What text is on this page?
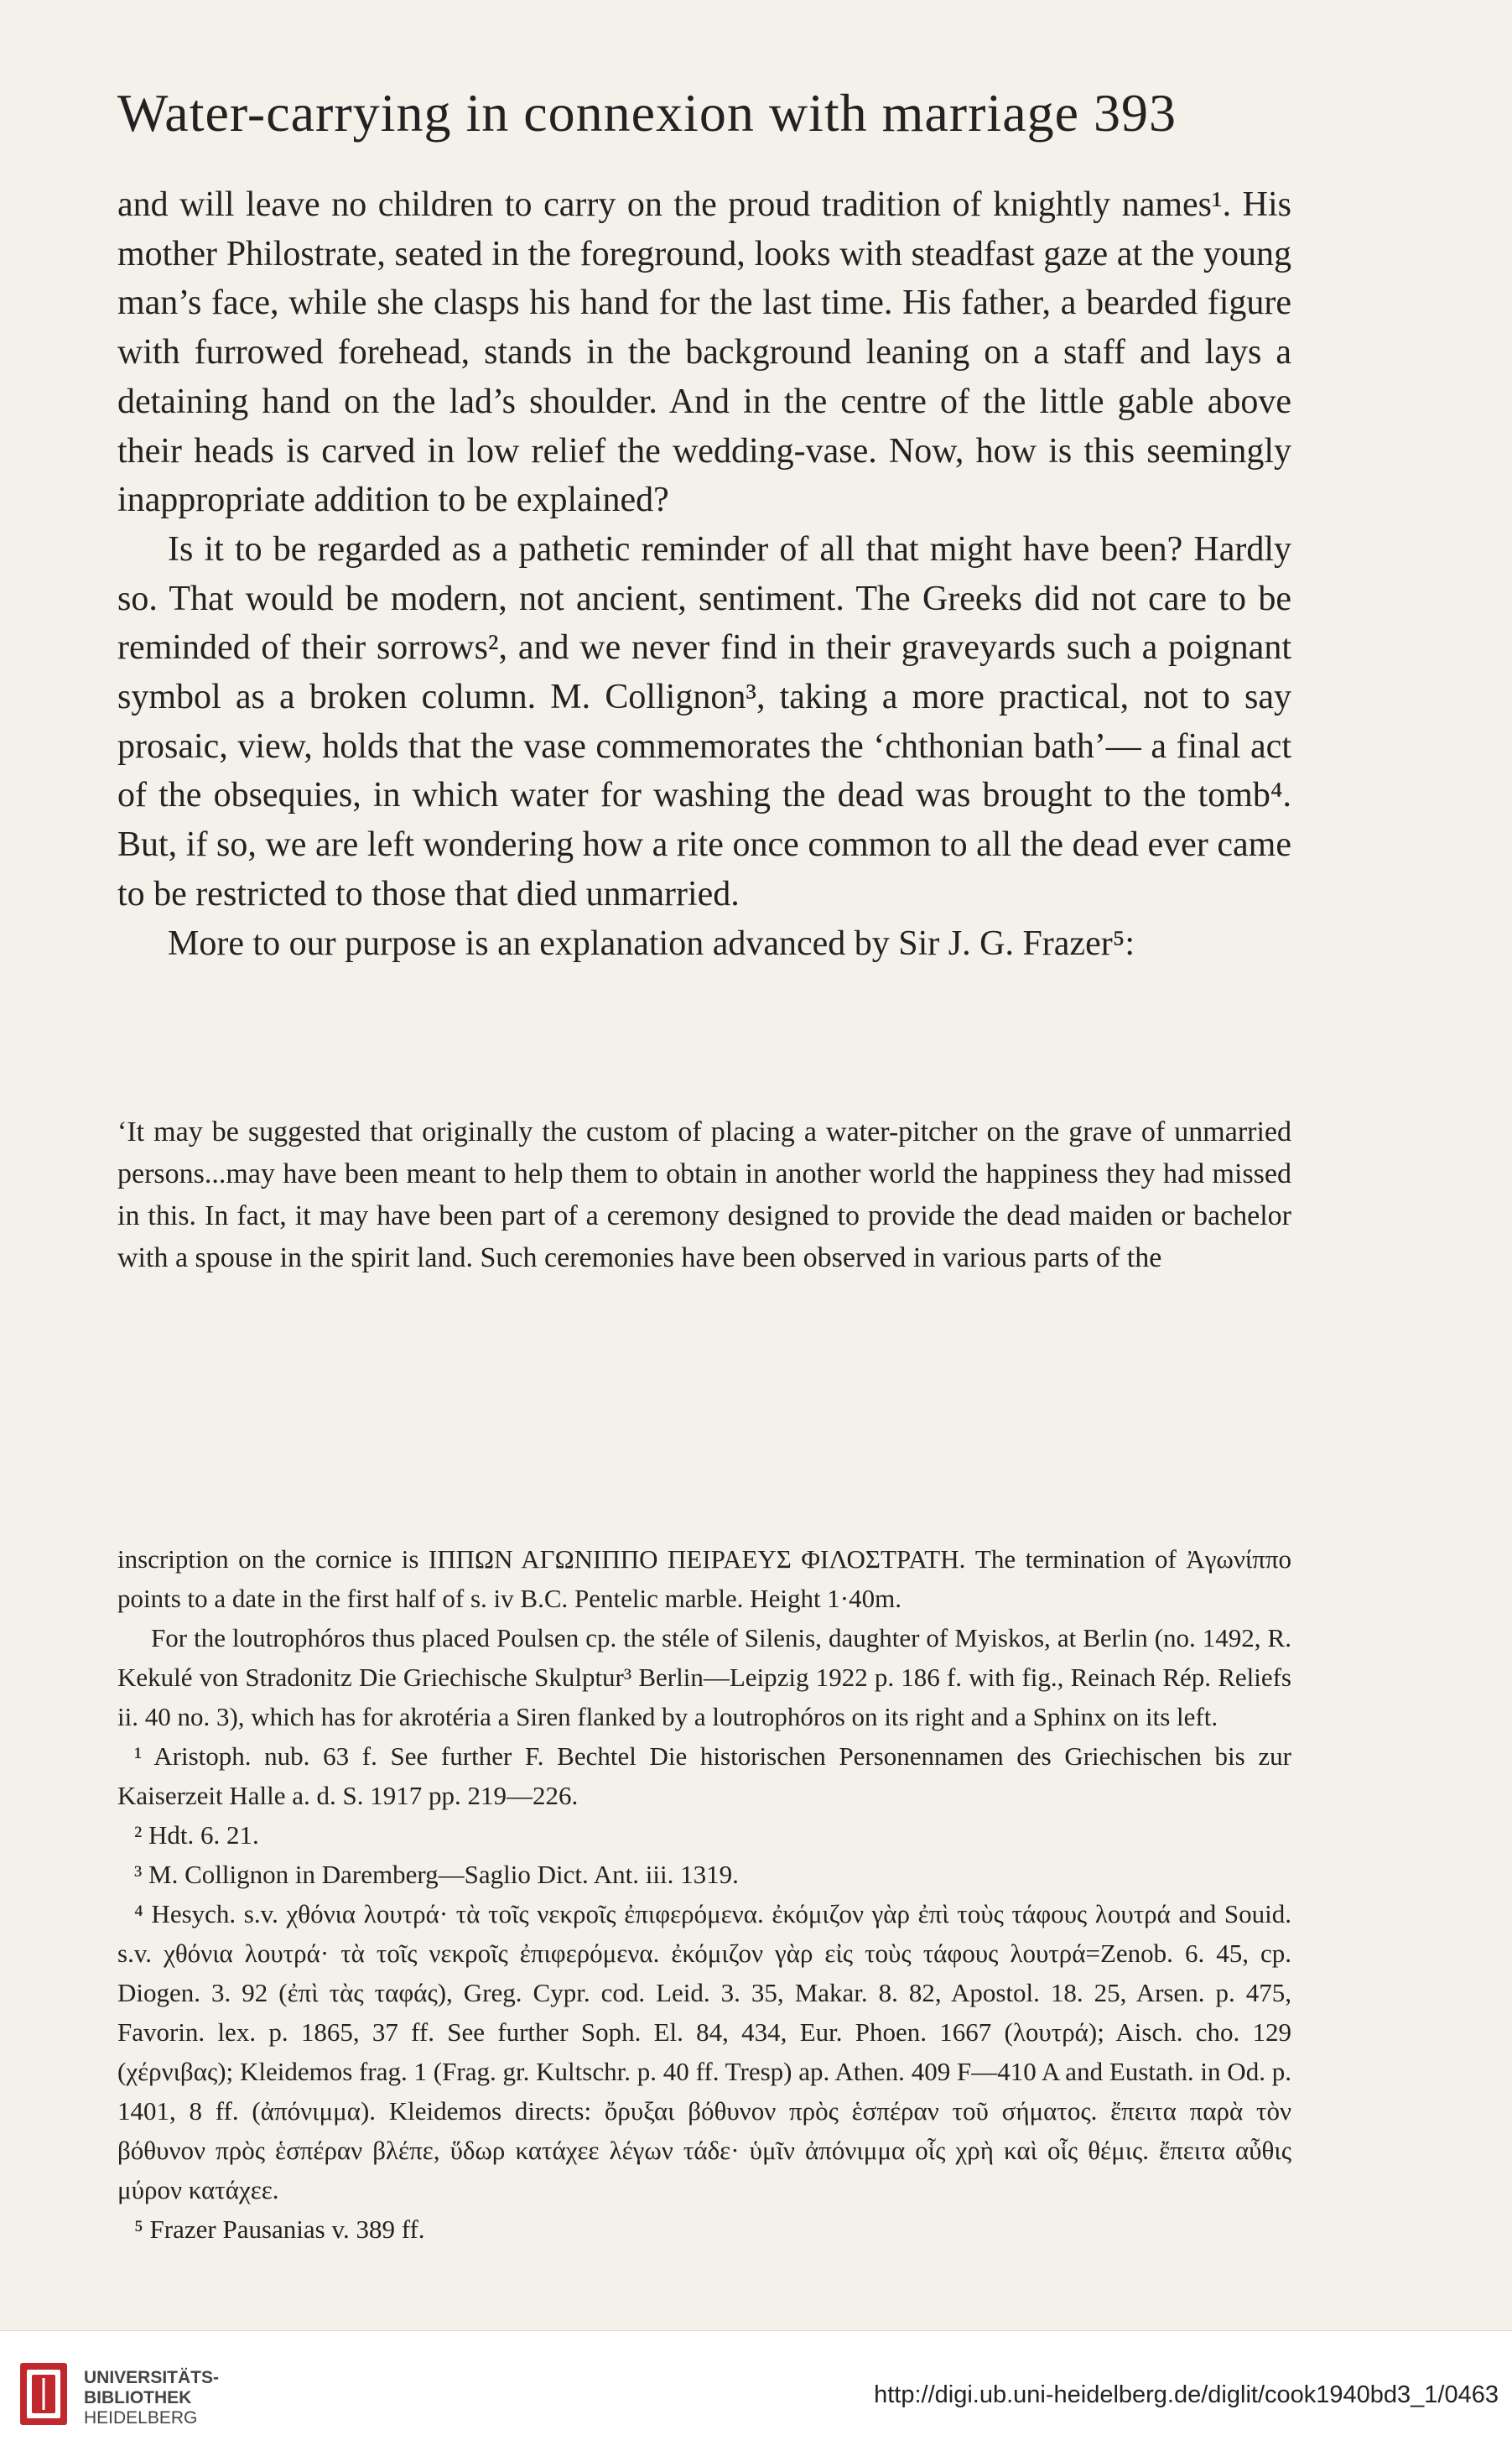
Water-carrying in connexion with marriage 393

and will leave no children to carry on the proud tradition of knightly names¹. His mother Philostrate, seated in the foreground, looks with steadfast gaze at the young man’s face, while she clasps his hand for the last time. His father, a bearded figure with furrowed forehead, stands in the background leaning on a staff and lays a detaining hand on the lad’s shoulder. And in the centre of the little gable above their heads is carved in low relief the wedding-vase. Now, how is this seemingly inappropriate addition to be explained?

Is it to be regarded as a pathetic reminder of all that might have been? Hardly so. That would be modern, not ancient, sentiment. The Greeks did not care to be reminded of their sorrows², and we never find in their graveyards such a poignant symbol as a broken column. M. Collignon³, taking a more practical, not to say prosaic, view, holds that the vase commemorates the ‘chthonian bath’— a final act of the obsequies, in which water for washing the dead was brought to the tomb⁴. But, if so, we are left wondering how a rite once common to all the dead ever came to be restricted to those that died unmarried.

More to our purpose is an explanation advanced by Sir J. G. Frazer⁵:

‘It may be suggested that originally the custom of placing a water-pitcher on the grave of unmarried persons...may have been meant to help them to obtain in another world the happiness they had missed in this. In fact, it may have been part of a ceremony designed to provide the dead maiden or bachelor with a spouse in the spirit land. Such ceremonies have been observed in various parts of the

inscription on the cornice is ΙΠΠΩΝ ΑΓΩΝΙΠΠΟ ΠΕΙΡΑΕΥΣ ΦΙΛΟΣΤΡΑΤΗ. The termination of Ἀγωνίππο points to a date in the first half of s. iv B.C. Pentelic marble. Height 1·40m.

For the loutrophóros thus placed Poulsen cp. the stéle of Silenis, daughter of Myiskos, at Berlin (no. 1492, R. Kekulé von Stradonitz Die Griechische Skulptur³ Berlin—Leipzig 1922 p. 186 f. with fig., Reinach Rép. Reliefs ii. 40 no. 3), which has for akrotéria a Siren flanked by a loutrophóros on its right and a Sphinx on its left.

¹ Aristoph. nub. 63 f. See further F. Bechtel Die historischen Personennamen des Griechischen bis zur Kaiserzeit Halle a. d. S. 1917 pp. 219—226.

² Hdt. 6. 21.

³ M. Collignon in Daremberg—Saglio Dict. Ant. iii. 1319.

⁴ Hesych. s.v. χθόνια λουτρά· τὰ τοῖς νεκροῖς ἐπιφερόμενα. ἐκόμιζον γὰρ ἐπὶ τοὺς τάφους λουτρά and Souid. s.v. χθόνια λουτρά· τὰ τοῖς νεκροῖς ἐπιφερόμενα. ἐκόμιζον γὰρ εἰς τοὺς τάφους λουτρά=Zenob. 6. 45, cp. Diogen. 3. 92 (ἐπὶ τὰς ταφάς), Greg. Cypr. cod. Leid. 3. 35, Makar. 8. 82, Apostol. 18. 25, Arsen. p. 475, Favorin. lex. p. 1865, 37 ff. See further Soph. El. 84, 434, Eur. Phoen. 1667 (λουτρά); Aisch. cho. 129 (χέρνιβας); Kleidemos frag. 1 (Frag. gr. Kultschr. p. 40 ff. Tresp) ap. Athen. 409 F—410 A and Eustath. in Od. p. 1401, 8 ff. (ἀπόνιμμα). Kleidemos directs: ὄρυξαι βόθυνον πρὸς ἑσπέραν τοῦ σήματος. ἔπειτα παρὰ τὸν βόθυνον πρὸς ἑσπέραν βλέπε, ὕδωρ κατάχεε λέγων τάδε· ὑμῖν ἀπόνιμμα οἷς χρὴ καὶ οἷς θέμις. ἔπειτα αὖθις μύρον κατάχεε.

⁵ Frazer Pausanias v. 389 ff.

UNIVERSITÄTS-
BIBLIOTHEK
HEIDELBERG
http://digi.ub.uni-heidelberg.de/diglit/cook1940bd3_1/0463
